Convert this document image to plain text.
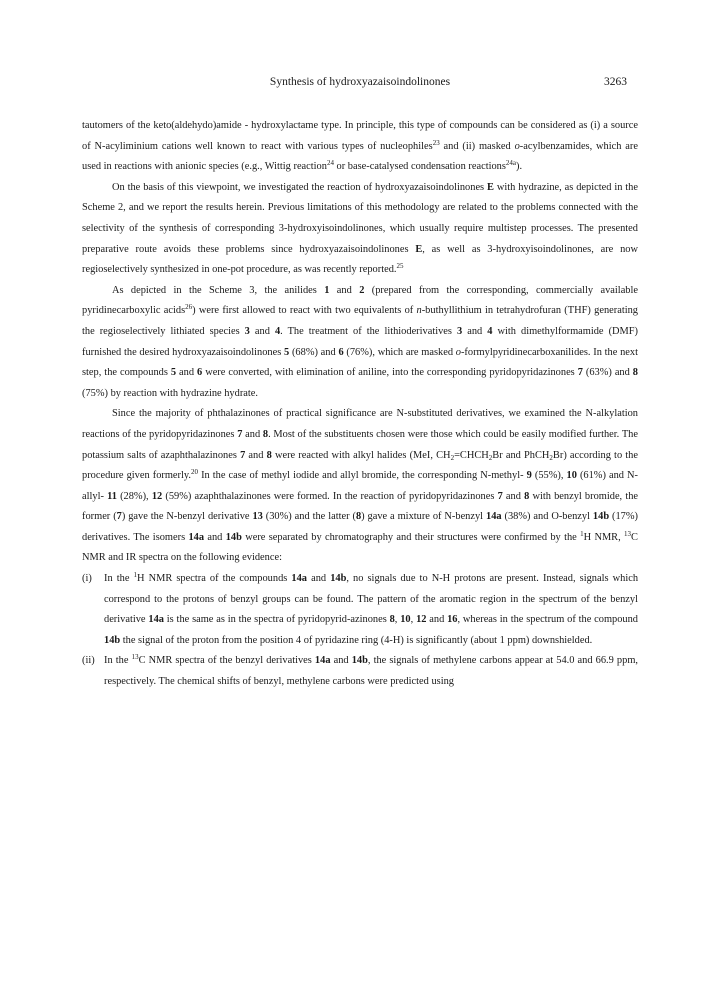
Synthesis of hydroxyazaisoindolinones	3263

tautomers of the keto(aldehydo)amide - hydroxylactame type. In principle, this type of compounds can be considered as (i) a source of N-acyliminium cations well known to react with various types of nucleophiles$^{23}$ and (ii) masked o-acylbenzamides, which are used in reactions with anionic species (e.g., Wittig reaction$^{24}$ or base-catalysed condensation reactions$^{24a}$).

On the basis of this viewpoint, we investigated the reaction of hydroxyazaisoindolinones E with hydrazine, as depicted in the Scheme 2, and we report the results herein. Previous limitations of this methodology are related to the problems connected with the selectivity of the synthesis of corresponding 3-hydroxyisoindolinones, which usually require multistep processes. The presented preparative route avoids these problems since hydroxyazaisoindolinones E, as well as 3-hydroxyisoindolinones, are now regioselectively synthesized in one-pot procedure, as was recently reported.$^{25}$

As depicted in the Scheme 3, the anilides 1 and 2 (prepared from the corresponding, commercially available pyridinecarboxylic acids$^{26}$) were first allowed to react with two equivalents of n-buthyllithium in tetrahydrofuran (THF) generating the regioselectively lithiated species 3 and 4. The treatment of the lithioderivatives 3 and 4 with dimethylformamide (DMF) furnished the desired hydroxyazaisoindolinones 5 (68%) and 6 (76%), which are masked o-formylpyridinecarboxanilides. In the next step, the compounds 5 and 6 were converted, with elimination of aniline, into the corresponding pyridopyridazinones 7 (63%) and 8 (75%) by reaction with hydrazine hydrate.

Since the majority of phthalazinones of practical significance are N-substituted derivatives, we examined the N-alkylation reactions of the pyridopyridazinones 7 and 8. Most of the substituents chosen were those which could be easily modified further. The potassium salts of azaphthalazinones 7 and 8 were reacted with alkyl halides (MeI, $CH_2=CHCH_2Br$ and PhCH$_2$Br) according to the procedure given formerly.$^{20}$ In the case of methyl iodide and allyl bromide, the corresponding N-methyl- 9 (55%), 10 (61%) and N-allyl- 11 (28%), 12 (59%) azaphthalazinones were formed. In the reaction of pyridopyridazinones 7 and 8 with benzyl bromide, the former (7) gave the N-benzyl derivative 13 (30%) and the latter (8) gave a mixture of N-benzyl 14a (38%) and O-benzyl 14b (17%) derivatives. The isomers 14a and 14b were separated by chromatography and their structures were confirmed by the $^1$H NMR, $^{13}$C NMR and IR spectra on the following evidence:

(i) In the $^1$H NMR spectra of the compounds 14a and 14b, no signals due to N-H protons are present. Instead, signals which correspond to the protons of benzyl groups can be found. The pattern of the aromatic region in the spectrum of the benzyl derivative 14a is the same as in the spectra of pyridopyrid-azinones 8, 10, 12 and 16, whereas in the spectrum of the compound 14b the signal of the proton from the position 4 of pyridazine ring (4-H) is significantly (about 1 ppm) downshielded.
(ii) In the $^{13}$C NMR spectra of the benzyl derivatives 14a and 14b, the signals of methylene carbons appear at 54.0 and 66.9 ppm, respectively. The chemical shifts of benzyl, methylene carbons were predicted using
